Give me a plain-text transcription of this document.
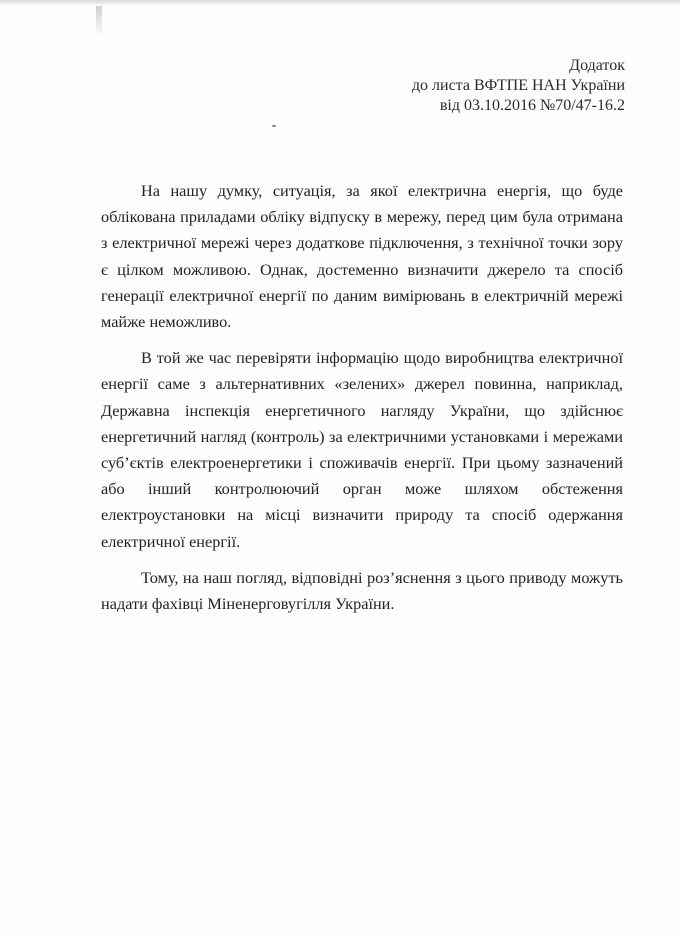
Додаток
до листа ВФТПЕ НАН України
від 03.10.2016 №70/47-16.2

На нашу думку, ситуація, за якої електрична енергія, що буде облікована приладами обліку відпуску в мережу, перед цим була отримана з електричної мережі через додаткове підключення, з технічної точки зору є цілком можливою. Однак, достеменно визначити джерело та спосіб генерації електричної енергії по даним вимірювань в електричній мережі майже неможливо.

В той же час перевіряти інформацію щодо виробництва електричної енергії саме з альтернативних «зелених» джерел повинна, наприклад, Державна інспекція енергетичного нагляду України, що здійснює енергетичний нагляд (контроль) за електричними установками і мережами суб’єктів електроенергетики і споживачів енергії. При цьому зазначений або інший контролюючий орган може шляхом обстеження електроустановки на місці визначити природу та спосіб одержання електричної енергії.

Тому, на наш погляд, відповідні роз’яснення з цього приводу можуть надати фахівці Міненерговугілля України.
